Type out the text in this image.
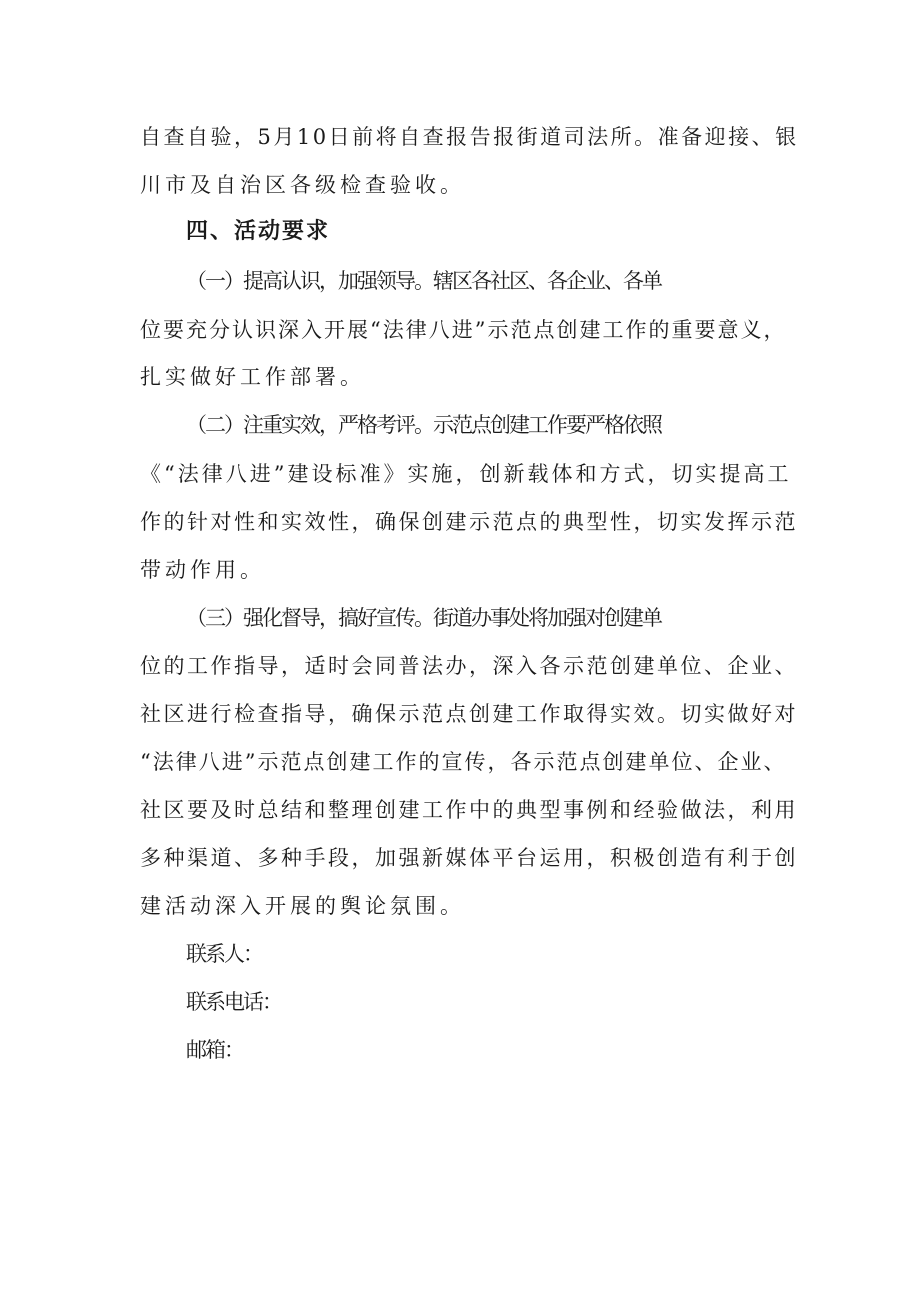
自查自验，5月10日前将自查报告报街道司法所。准备迎接、银

川市及自治区各级检查验收。

四、活动要求

（一）提高认识，加强领导。辖区各社区、各企业、各单

位要充分认识深入开展“法律八进”示范点创建工作的重要意义，

扎实做好工作部署。

（二）注重实效，严格考评。示范点创建工作要严格依照

《“法律八进”建设标准》实施，创新载体和方式，切实提高工

作的针对性和实效性，确保创建示范点的典型性，切实发挥示范

带动作用。

（三）强化督导，搞好宣传。街道办事处将加强对创建单

位的工作指导，适时会同普法办，深入各示范创建单位、企业、

社区进行检查指导，确保示范点创建工作取得实效。切实做好对

“法律八进”示范点创建工作的宣传，各示范点创建单位、企业、

社区要及时总结和整理创建工作中的典型事例和经验做法，利用

多种渠道、多种手段，加强新媒体平台运用，积极创造有利于创

建活动深入开展的舆论氛围。

联系人：

联系电话：

邮箱：
